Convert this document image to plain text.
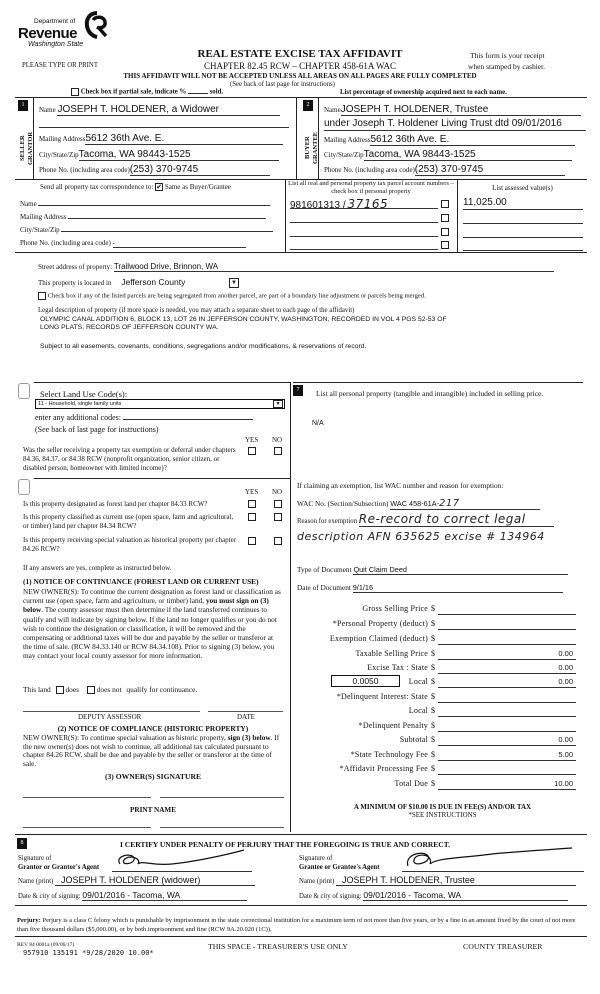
Department of
Revenue
Washington State
PLEASE TYPE OR PRINT
REAL ESTATE EXCISE TAX AFFIDAVIT
CHAPTER 82.45 RCW – CHAPTER 458-61A WAC
This form is your receipt
when stamped by cashier.
THIS AFFIDAVIT WILL NOT BE ACCEPTED UNLESS ALL AREAS ON ALL PAGES ARE FULLY COMPLETED
(See back of last page for instructions)
Check box if partial sale, indicate %	sold.	List percentage of ownership acquired next to each name.
1
SELLER
GRANTOR
Name JOSEPH T. HOLDENER, a Widower
Mailing Address5612 36th Ave. E.
City/State/ZipTacoma, WA 98443-1525
Phone No. (including area code)(253) 370-9745
2
BUYER
GRANTEE
NameJOSEPH T. HOLDENER, Trustee
under Joseph T. Holdener Living Trust dtd 09/01/2016
Mailing Address5612 36th Ave. E.
City/State/ZipTacoma, WA 98443-1525
Phone No. (including area code)(253) 370-9745
Send all property tax correspondence to: ✔ Same as Buyer/Grantee
Name
Mailing Address
City/State/Zip
Phone No. (including area code) -
List all real and personal property tax parcel account numbers – check box if personal property	List assessed value(s)
981601313 / 37165	11,025.00
Street address of property: Trailwood Drive, Brinnon, WA
This property is located in Jefferson County	▼
Check box if any of the listed parcels are being segregated from another parcel, are part of a boundary line adjustment or parcels being merged.
Legal description of property (if more space is needed, you may attach a separate sheet to each page of the affidavit)
OLYMPIC CANAL ADDITION 6, BLOCK 13, LOT 26 IN JEFFERSON COUNTY, WASHINGTON, RECORDED IN VOL 4 PGS 52-53 OF
LONG PLATS, RECORDS OF JEFFERSON COUNTY WA.
Subject to all easements, covenants, conditions, segregations and/or modifications, & reservations of record.
Select Land Use Code(s):
11 - Household, single family units	▼
enter any additional codes:
(See back of last page for instructions)
YES NO
Was the seller receiving a property tax exemption or deferral under chapters 84.36, 84.37, or 84.38 RCW (nonprofit organization, senior citizen, or disabled person, homeowner with limited income)?
YES NO
Is this property designated as forest land per chapter 84.33 RCW?
Is this property classified as current use (open space, farm and agricultural, or timber) land per chapter 84.34 RCW?
Is this property receiving special valuation as historical property per chapter 84.26 RCW?
If any answers are yes, complete as instructed below.
(1) NOTICE OF CONTINUANCE (FOREST LAND OR CURRENT USE)
NEW OWNER(S): To continue the current designation as forest land or classification as current use (open space, farm and agriculture, or timber) land, you must sign on (3) below. The county assessor must then determine if the land transferred continues to qualify and will indicate by signing below. If the land no longer qualifies or you do not wish to continue the designation or classification, it will be removed and the compensating or additional taxes will be due and payable by the seller or transferor at the time of sale. (RCW 84.33.140 or RCW 84.34.108). Prior to signing (3) below, you may contact your local county assessor for more information.
This land does does not qualify for continuance.
DEPUTY ASSESSOR	DATE
(2) NOTICE OF COMPLIANCE (HISTORIC PROPERTY)
NEW OWNER(S): To continue special valuation as historic property, sign (3) below. If the new owner(s) does not wish to continue, all additional tax calculated pursuant to chapter 84.26 RCW, shall be due and payable by the seller or transferor at the time of sale.
(3) OWNER(S) SIGNATURE
PRINT NAME
7	List all personal property (tangible and intangible) included in selling price.
N/A
If claiming an exemption, list WAC number and reason for exemption:
WAC No. (Section/Subsection) WAC 458-61A-217
Reason for exemption Re-record to correct legal
description AFN 635625 excise # 134964
Type of Document Quit Claim Deed
Date of Document 9/1/16
Gross Selling Price $
*Personal Property (deduct) $
Exemption Claimed (deduct) $
Taxable Selling Price $	0.00
Excise Tax : State $	0.00
Local $	0.00
*Delinquent Interest: State $
Local $
*Delinquent Penalty $
Subtotal $	0.00
*State Technology Fee $	5.00
*Affidavit Processing Fee $
Total Due $	10.00
0.0050
A MINIMUM OF $10.00 IS DUE IN FEE(S) AND/OR TAX
*SEE INSTRUCTIONS
8	I CERTIFY UNDER PENALTY OF PERJURY THAT THE FOREGOING IS TRUE AND CORRECT.
Signature of
Grantor or Grantor's Agent
Name (print) JOSEPH T. HOLDENER (widower)
Date & city of signing: 09/01/2016 - Tacoma, WA
Signature of
Grantee or Grantee's Agent
Name (print) JOSEPH T. HOLDENER, Trustee
Date & city of signing: 09/01/2016 - Tacoma, WA
Perjury: Perjury is a class C felony which is punishable by imprisonment in the state correctional institution for a maximum term of not more than five years, or by a fine in an amount fixed by the court of not more than five thousand dollars ($5,000.00), or by both imprisonment and fine (RCW 9A.20.020 (1C)).
REV 84 0001a (09/06/17)
957910 135191 *9/28/2020 10.00*
THIS SPACE - TREASURER'S USE ONLY	COUNTY TREASURER
